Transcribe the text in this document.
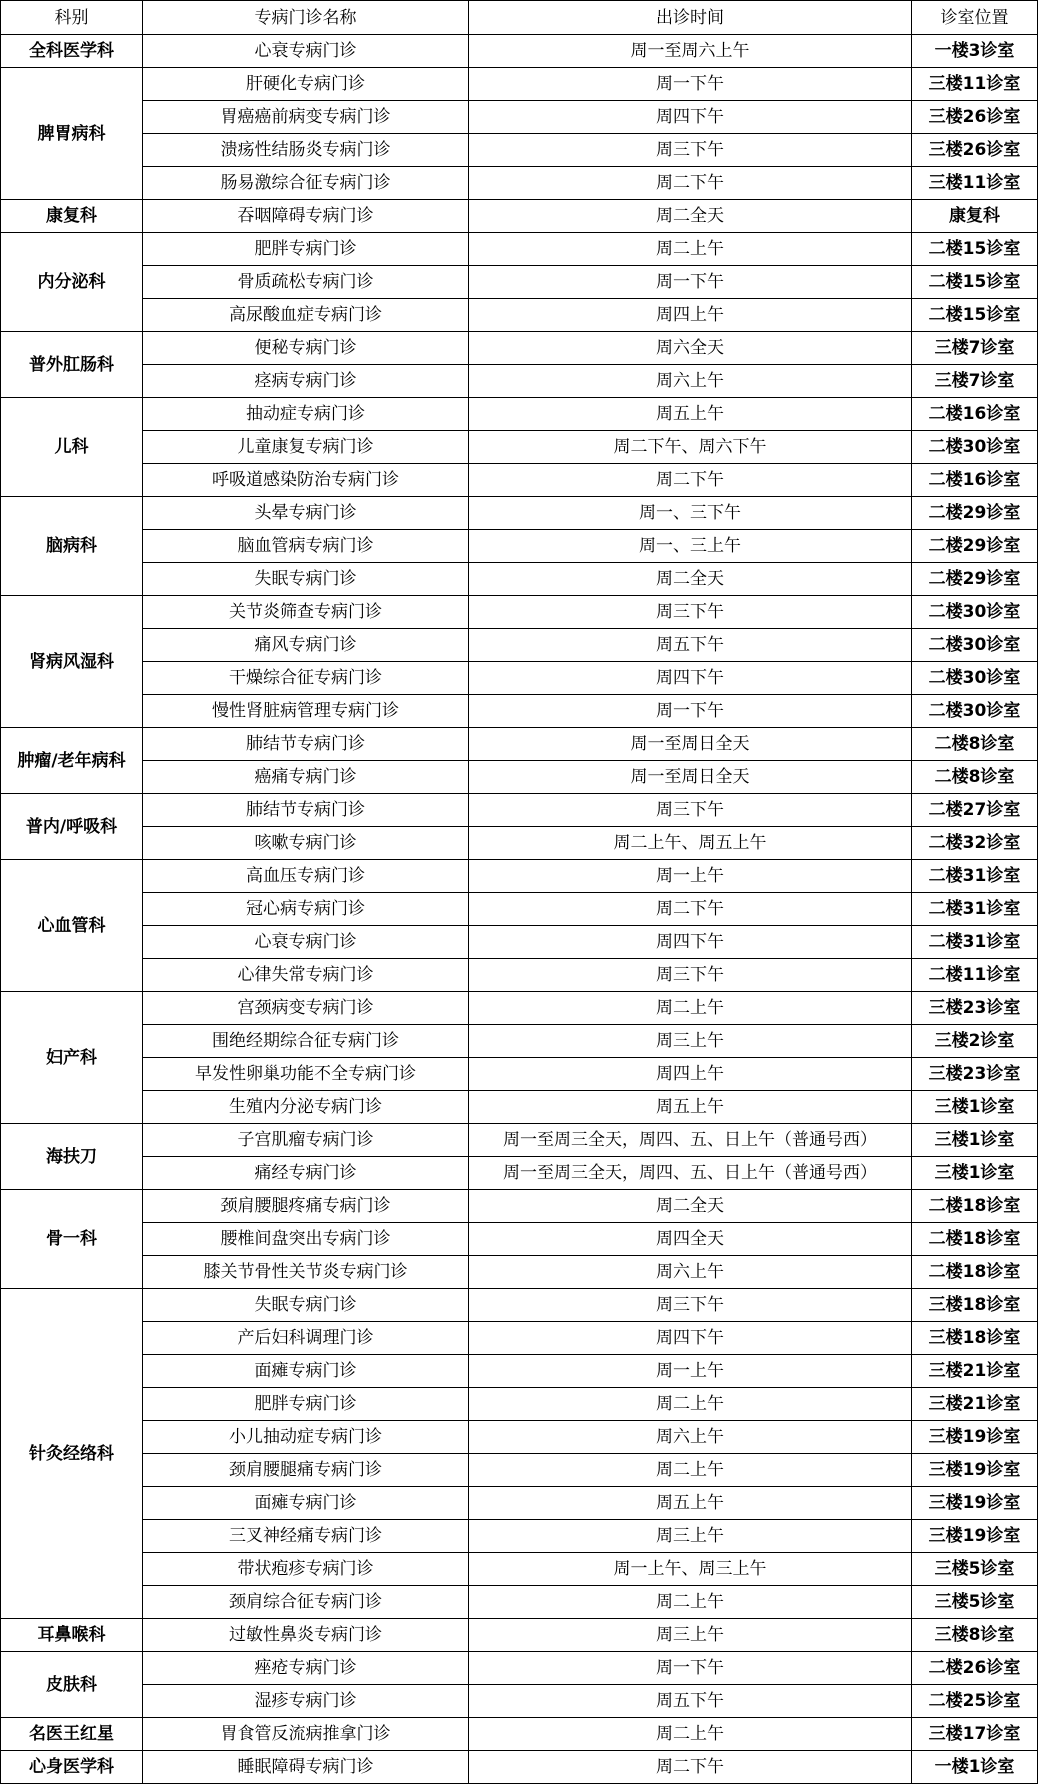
科别	专病门诊名称	出诊时间	诊室位置
全科医学科	心衰专病门诊	周一至周六上午	一楼3诊室
脾胃病科	肝硬化专病门诊	周一下午	三楼11诊室
	胃癌癌前病变专病门诊	周四下午	三楼26诊室
	溃疡性结肠炎专病门诊	周三下午	三楼26诊室
	肠易激综合征专病门诊	周二下午	三楼11诊室
康复科	吞咽障碍专病门诊	周二全天	康复科
内分泌科	肥胖专病门诊	周二上午	二楼15诊室
	骨质疏松专病门诊	周一下午	二楼15诊室
	高尿酸血症专病门诊	周四上午	二楼15诊室
普外肛肠科	便秘专病门诊	周六全天	三楼7诊室
	痉病专病门诊	周六上午	三楼7诊室
儿科	抽动症专病门诊	周五上午	二楼16诊室
	儿童康复专病门诊	周二下午、周六下午	二楼30诊室
	呼吸道感染防治专病门诊	周二下午	二楼16诊室
脑病科	头晕专病门诊	周一、三下午	二楼29诊室
	脑血管病专病门诊	周一、三上午	二楼29诊室
	失眠专病门诊	周二全天	二楼29诊室
肾病风湿科	关节炎筛查专病门诊	周三下午	二楼30诊室
	痛风专病门诊	周五下午	二楼30诊室
	干燥综合征专病门诊	周四下午	二楼30诊室
	慢性肾脏病管理专病门诊	周一下午	二楼30诊室
肿瘤/老年病科	肺结节专病门诊	周一至周日全天	二楼8诊室
	癌痛专病门诊	周一至周日全天	二楼8诊室
普内/呼吸科	肺结节专病门诊	周三下午	二楼27诊室
	咳嗽专病门诊	周二上午、周五上午	二楼32诊室
心血管科	高血压专病门诊	周一上午	二楼31诊室
	冠心病专病门诊	周二下午	二楼31诊室
	心衰专病门诊	周四下午	二楼31诊室
	心律失常专病门诊	周三下午	二楼11诊室
妇产科	宫颈病变专病门诊	周二上午	三楼23诊室
	围绝经期综合征专病门诊	周三上午	三楼2诊室
	早发性卵巢功能不全专病门诊	周四上午	三楼23诊室
	生殖内分泌专病门诊	周五上午	三楼1诊室
海扶刀	子宫肌瘤专病门诊	周一至周三全天，周四、五、日上午（普通号西）	三楼1诊室
	痛经专病门诊	周一至周三全天，周四、五、日上午（普通号西）	三楼1诊室
骨一科	颈肩腰腿疼痛专病门诊	周二全天	二楼18诊室
	腰椎间盘突出专病门诊	周四全天	二楼18诊室
	膝关节骨性关节炎专病门诊	周六上午	二楼18诊室
针灸经络科	失眠专病门诊	周三下午	三楼18诊室
	产后妇科调理门诊	周四下午	三楼18诊室
	面瘫专病门诊	周一上午	三楼21诊室
	肥胖专病门诊	周二上午	三楼21诊室
	小儿抽动症专病门诊	周六上午	三楼19诊室
	颈肩腰腿痛专病门诊	周二上午	三楼19诊室
	面瘫专病门诊	周五上午	三楼19诊室
	三叉神经痛专病门诊	周三上午	三楼19诊室
	带状疱疹专病门诊	周一上午、周三上午	三楼5诊室
	颈肩综合征专病门诊	周二上午	三楼5诊室
耳鼻喉科	过敏性鼻炎专病门诊	周三上午	三楼8诊室
皮肤科	痤疮专病门诊	周一下午	二楼26诊室
	湿疹专病门诊	周五下午	二楼25诊室
名医王红星	胃食管反流病推拿门诊	周二上午	三楼17诊室
心身医学科	睡眠障碍专病门诊	周二下午	一楼1诊室
